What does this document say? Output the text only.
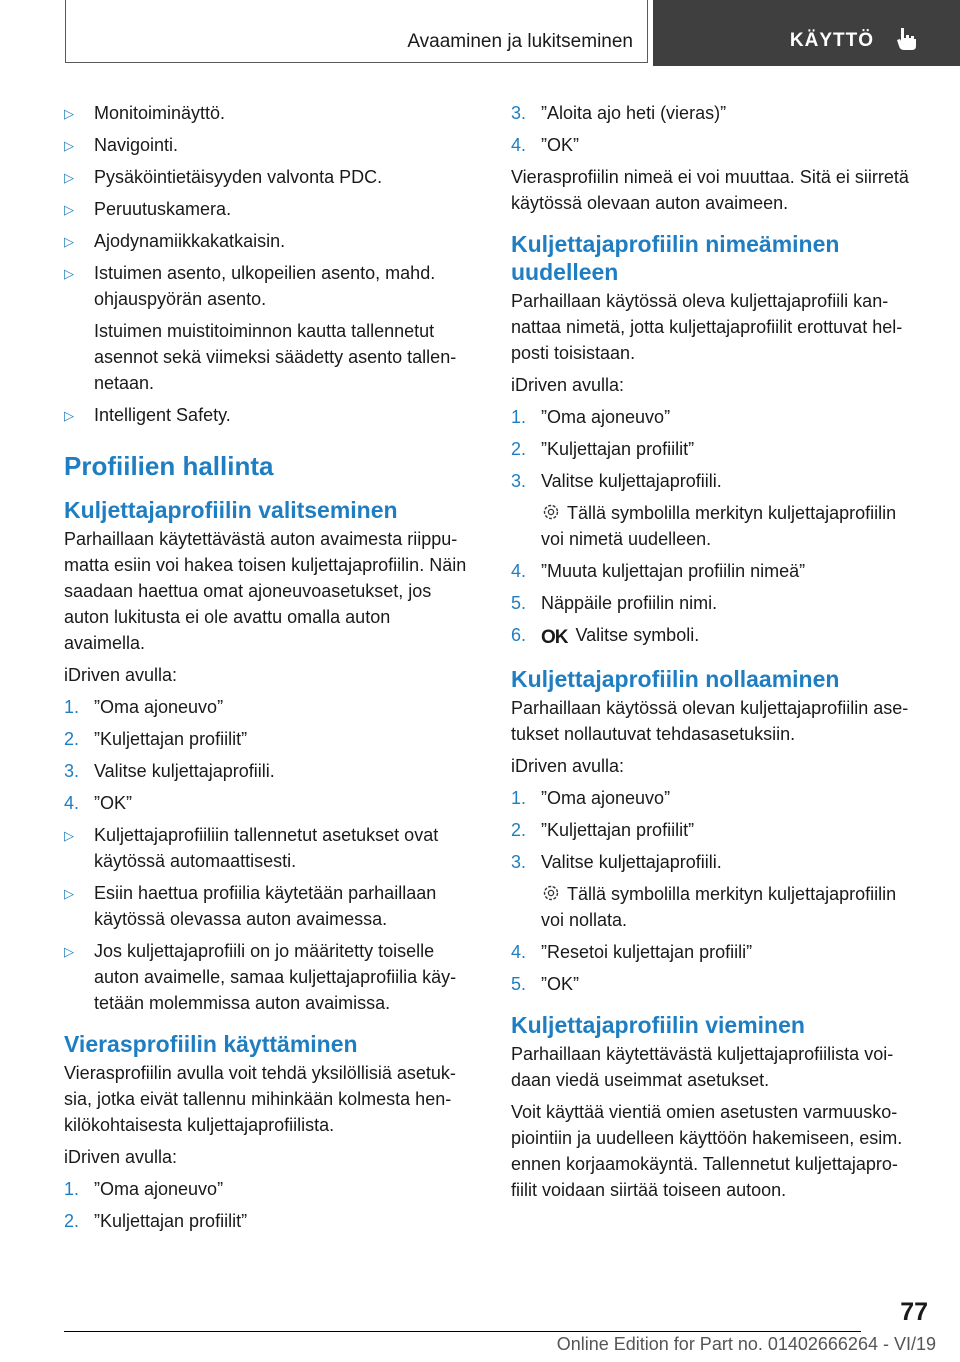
Avaaminen ja lukitseminen	KÄYTTÖ
▷ Monitoiminäyttö.
▷ Navigointi.
▷ Pysäköintietäisyyden valvonta PDC.
▷ Peruutuskamera.
▷ Ajodynamiikkakatkaisin.
▷ Istuimen asento, ulkopeilien asento, mahd. ohjauspyörän asento.

Istuimen muistitoiminnon kautta tallennetut asennot sekä viimeksi säädetty asento tallen‐netaan.

▷ Intelligent Safety.
Profiilien hallinta
Kuljettajaprofiilin valitseminen

Parhaillaan käytettävästä auton avaimesta riippu‐matta esiin voi hakea toisen kuljettajaprofiilin. Näin saadaan haettua omat ajoneuvoasetukset, jos auton lukitusta ei ole avattu omalla auton avaimella.

iDriven avulla:

1. ”Oma ajoneuvo”
2. ”Kuljettajan profiilit”
3. Valitse kuljettajaprofiili.
4. ”OK”
▷ Kuljettajaprofiiliin tallennetut asetukset ovat käytössä automaattisesti.
▷ Esiin haettua profiilia käytetään parhaillaan käytössä olevassa auton avaimessa.
▷ Jos kuljettajaprofiili on jo määritetty toiselle auton avaimelle, samaa kuljettajaprofiilia käy‐tetään molemmissa auton avaimissa.
Vierasprofiilin käyttäminen

Vierasprofiilin avulla voit tehdä yksilöllisiä asetuk‐sia, jotka eivät tallennu mihinkään kolmesta hen‐kilökohtaisesta kuljettajaprofiilista.

iDriven avulla:

1. ”Oma ajoneuvo”
2. ”Kuljettajan profiilit”
3. ”Aloita ajo heti (vieras)”
4. ”OK”

Vierasprofiilin nimeä ei voi muuttaa. Sitä ei siirretä käytössä olevaan auton avaimeen.

Kuljettajaprofiilin nimeäminen uudelleen

Parhaillaan käytössä oleva kuljettajaprofiili kan‐nattaa nimetä, jotta kuljettajaprofiilit erottuvat hel‐posti toisistaan.

iDriven avulla:

1. ”Oma ajoneuvo”
2. ”Kuljettajan profiilit”
3. Valitse kuljettajaprofiili.

Tällä symbolilla merkityn kuljettajaprofiilin voi nimetä uudelleen.

4. ”Muuta kuljettajan profiilin nimeä”
5. Näppäile profiilin nimi.
6. OK Valitse symboli.
Kuljettajaprofiilin nollaaminen

Parhaillaan käytössä olevan kuljettajaprofiilin ase‐tukset nollautuvat tehdasasetuksiin.

iDriven avulla:

1. ”Oma ajoneuvo”
2. ”Kuljettajan profiilit”
3. Valitse kuljettajaprofiili.

Tällä symbolilla merkityn kuljettajaprofiilin voi nollata.

4. ”Resetoi kuljettajan profiili”
5. ”OK”
Kuljettajaprofiilin vieminen

Parhaillaan käytettävästä kuljettajaprofiilista voi‐daan viedä useimmat asetukset.

Voit käyttää vientiä omien asetusten varmuusko‐piointiin ja uudelleen käyttöön hakemiseen, esim. ennen korjaamokäyntä. Tallennetut kuljettajapro‐fiilit voidaan siirtää toiseen autoon.

77
Online Edition for Part no. 01402666264 - VI/19
